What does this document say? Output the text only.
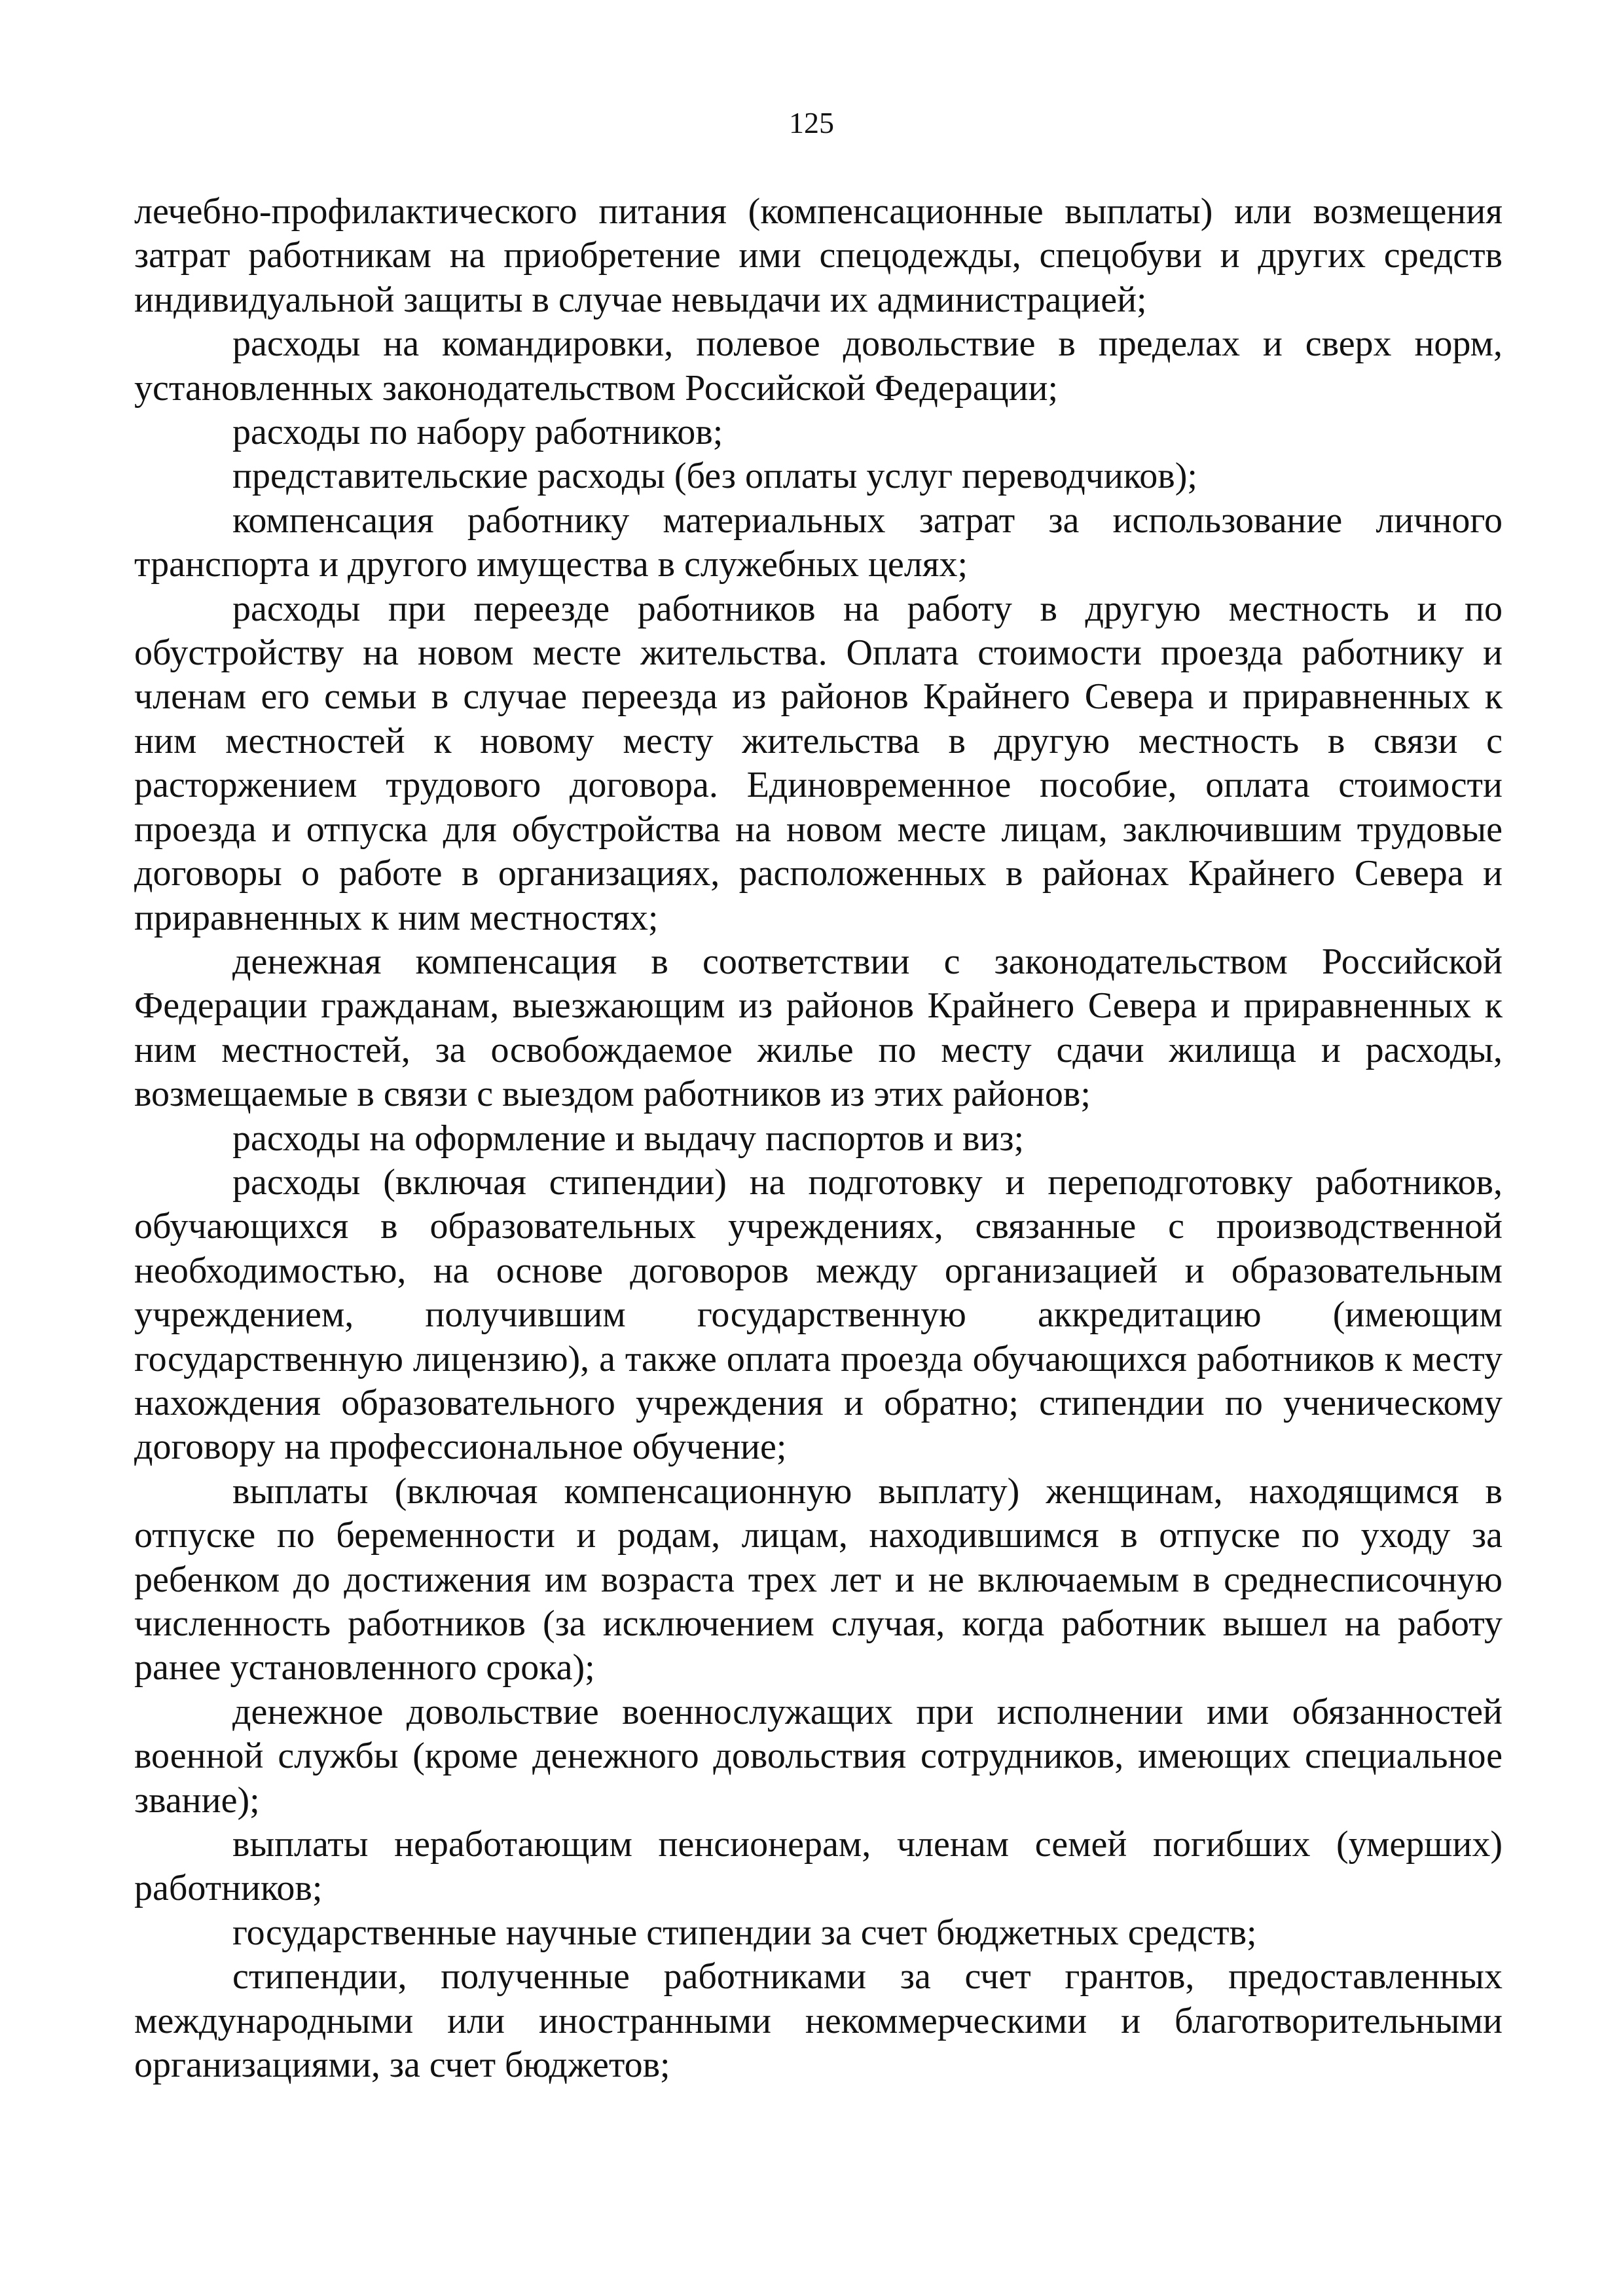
125

лечебно-профилактического питания (компенсационные выплаты) или возмещения затрат работникам на приобретение ими спецодежды, спецобуви и других средств индивидуальной защиты в случае невыдачи их администрацией;

расходы на командировки, полевое довольствие в пределах и сверх норм, установленных законодательством Российской Федерации;

расходы по набору работников;

представительские расходы (без оплаты услуг переводчиков);

компенсация работнику материальных затрат за использование личного транспорта и другого имущества в служебных целях;

расходы при переезде работников на работу в другую местность и по обустройству на новом месте жительства. Оплата стоимости проезда работнику и членам его семьи в случае переезда из районов Крайнего Севера и приравненных к ним местностей к новому месту жительства в другую местность в связи с расторжением трудового договора. Единовременное пособие, оплата стоимости проезда и отпуска для обустройства на новом месте лицам, заключившим трудовые договоры о работе в организациях, расположенных в районах Крайнего Севера и приравненных к ним местностях;

денежная компенсация в соответствии с законодательством Российской Федерации гражданам, выезжающим из районов Крайнего Севера и приравненных к ним местностей, за освобождаемое жилье по месту сдачи жилища и расходы, возмещаемые в связи с выездом работников из этих районов;

расходы на оформление и выдачу паспортов и виз;

расходы (включая стипендии) на подготовку и переподготовку работников, обучающихся в образовательных учреждениях, связанные с производственной необходимостью, на основе договоров между организацией и образовательным учреждением, получившим государственную аккредитацию (имеющим государственную лицензию), а также оплата проезда обучающихся работников к месту нахождения образовательного учреждения и обратно; стипендии по ученическому договору на профессиональное обучение;

выплаты (включая компенсационную выплату) женщинам, находящимся в отпуске по беременности и родам, лицам, находившимся в отпуске по уходу за ребенком до достижения им возраста трех лет и не включаемым в среднесписочную численность работников (за исключением случая, когда работник вышел на работу ранее установленного срока);

денежное довольствие военнослужащих при исполнении ими обязанностей военной службы (кроме денежного довольствия сотрудников, имеющих специальное звание);

выплаты неработающим пенсионерам, членам семей погибших (умерших) работников;

государственные научные стипендии за счет бюджетных средств;

стипендии, полученные работниками за счет грантов, предоставленных международными или иностранными некоммерческими и благотворительными организациями, за счет бюджетов;
